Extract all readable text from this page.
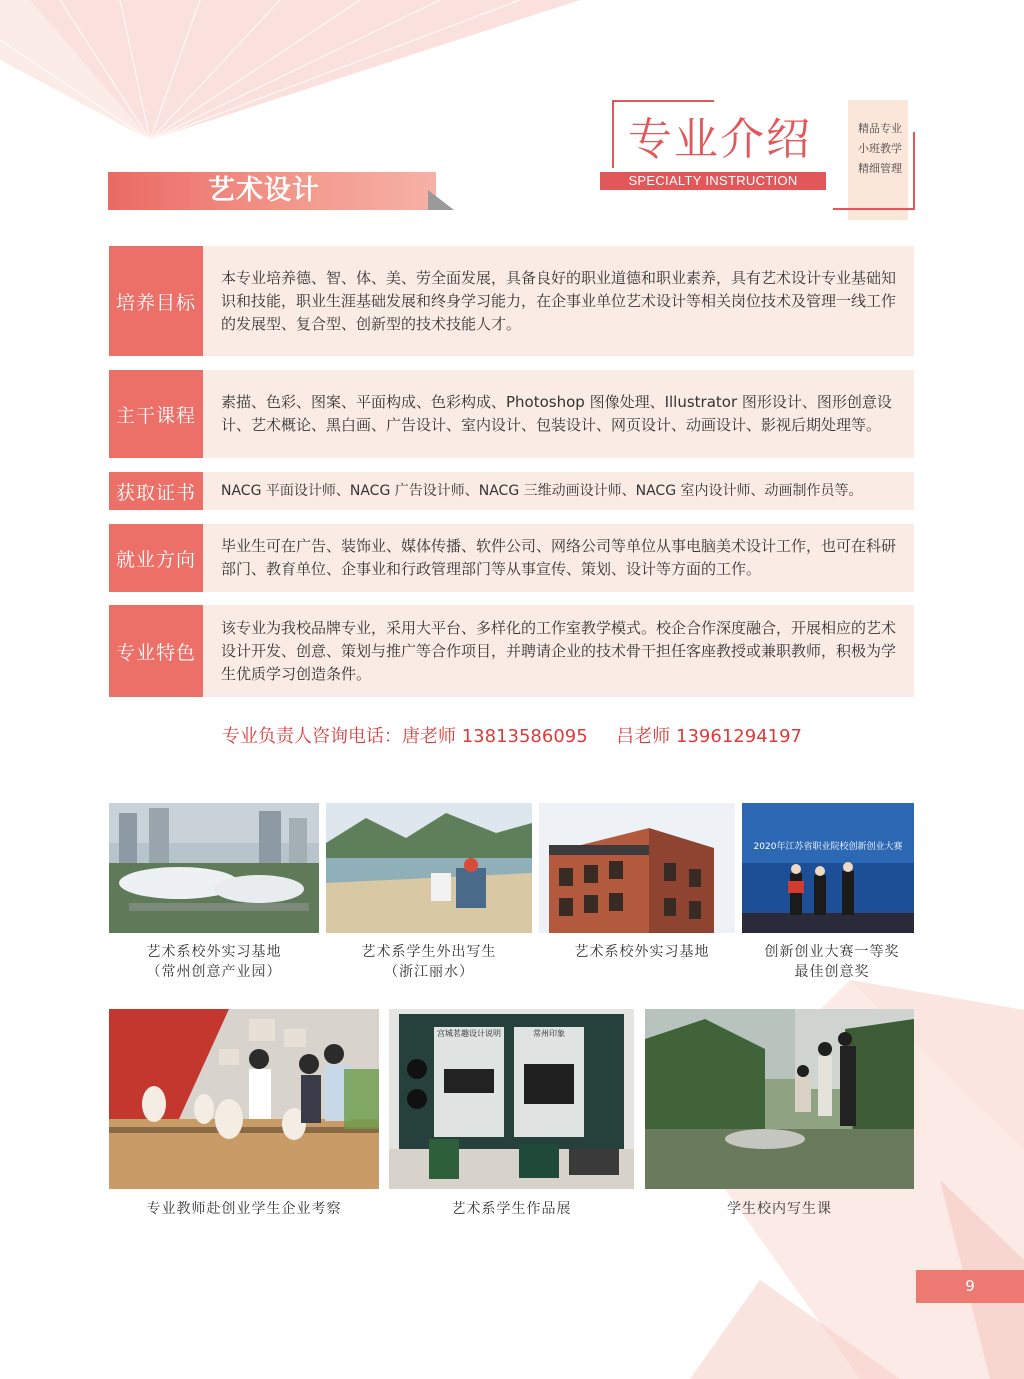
专业介绍
SPECIALTY INSTRUCTION
精品专业
小班教学
精细管理
艺术设计
培养目标
本专业培养德、智、体、美、劳全面发展，具备良好的职业道德和职业素养，具有艺术设计专业基础知识和技能，职业生涯基础发展和终身学习能力，在企事业单位艺术设计等相关岗位技术及管理一线工作的发展型、复合型、创新型的技术技能人才。
主干课程
素描、色彩、图案、平面构成、色彩构成、Photoshop 图像处理、Illustrator 图形设计、图形创意设计、艺术概论、黑白画、广告设计、室内设计、包装设计、网页设计、动画设计、影视后期处理等。
获取证书	NACG 平面设计师、NACG 广告设计师、NACG 三维动画设计师、NACG 室内设计师、动画制作员等。
就业方向
毕业生可在广告、装饰业、媒体传播、软件公司、网络公司等单位从事电脑美术设计工作，也可在科研部门、教育单位、企事业和行政管理部门等从事宣传、策划、设计等方面的工作。
专业特色
该专业为我校品牌专业，采用大平台、多样化的工作室教学模式。校企合作深度融合，开展相应的艺术设计开发、创意、策划与推广等合作项目，并聘请企业的技术骨干担任客座教授或兼职教师，积极为学生优质学习创造条件。
专业负责人咨询电话：唐老师 13813586095     吕老师 13961294197
2020年江苏省职业院校创新创业大赛
艺术系校外实习基地
（常州创意产业园）
艺术系学生外出写生
（浙江丽水）
艺术系校外实习基地	创新创业大赛一等奖
最佳创意奖
宫城茗趣设计说明	常州印象
专业教师赴创业学生企业考察	艺术系学生作品展	学生校内写生课
9
